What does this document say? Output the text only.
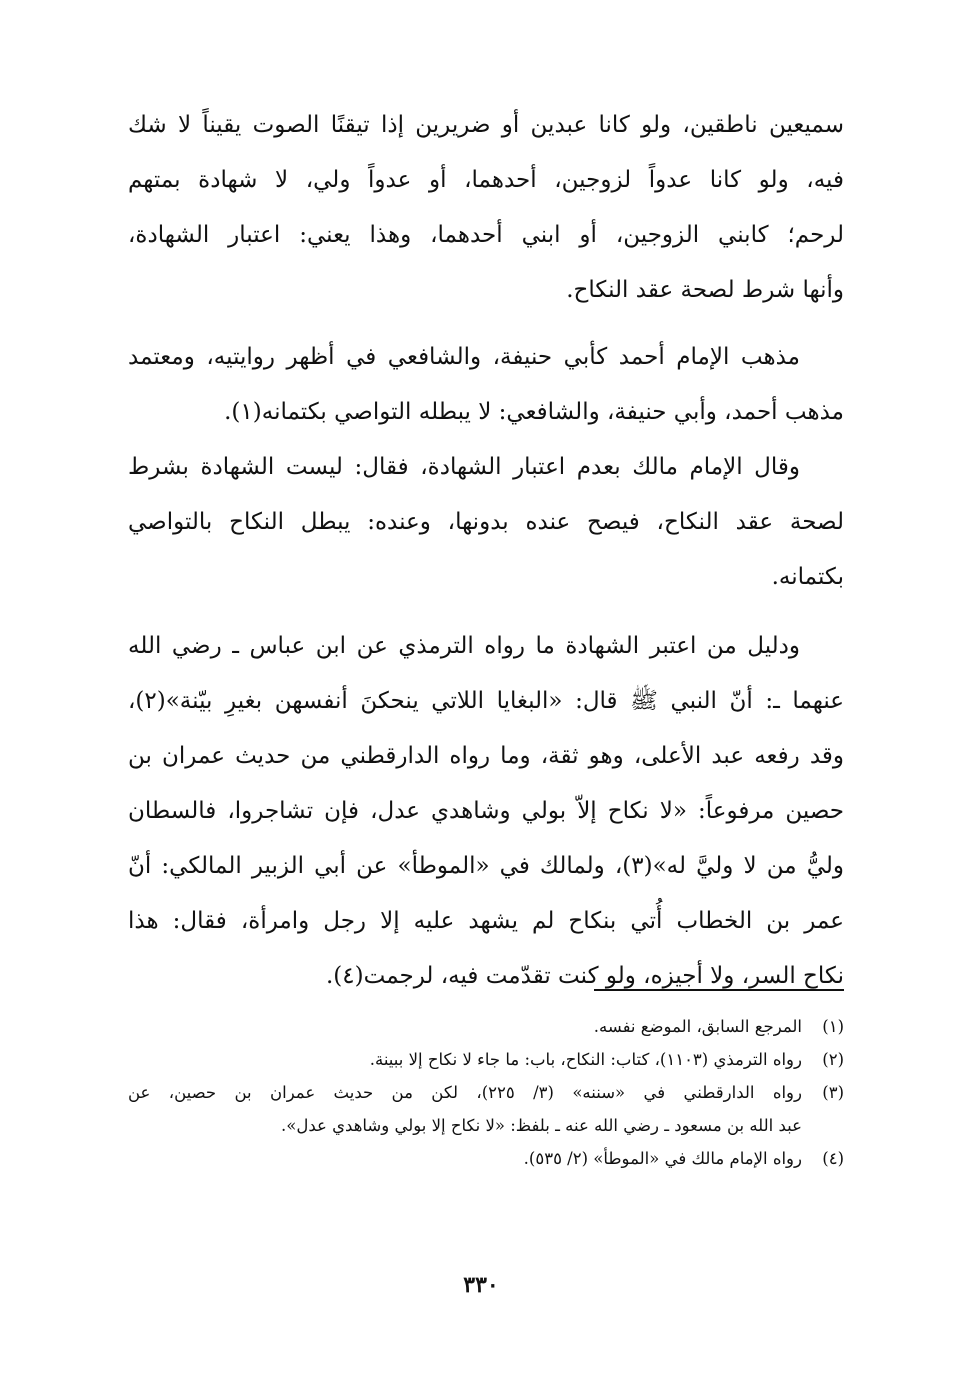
سميعين ناطقين، ولو كانا عبدين أو ضريرين إذا تيقنًا الصوت يقيناً لا شك
فيه، ولو كانا عدواً لزوجين، أحدهما، أو عدواً ولي، لا شهادة بمتهم
لرحم؛ كابني الزوجين، أو ابني أحدهما، وهذا يعني: اعتبار الشهادة،
وأنها شرط لصحة عقد النكاح.
مذهب الإمام أحمد كأبي حنيفة، والشافعي في أظهر روايتيه، ومعتمد
مذهب أحمد، وأبي حنيفة، والشافعي: لا يبطله التواصي بكتمانه(١).
وقال الإمام مالك بعدم اعتبار الشهادة، فقال: ليست الشهادة بشرط
لصحة عقد النكاح، فيصح عنده بدونها، وعنده: يبطل النكاح بالتواصي
بكتمانه.
ودليل من اعتبر الشهادة ما رواه الترمذي عن ابن عباس ـ رضي الله
عنهما ـ: أنّ النبي ﷺ قال: «البغايا اللاتي ينحكنَ أنفسهن بغيرِ بيّنة»(٢)،
وقد رفعه عبد الأعلى، وهو ثقة، وما رواه الدارقطني من حديث عمران بن
حصين مرفوعاً: «لا نكاح إلاّ بولي وشاهدي عدل، فإن تشاجروا، فالسطان
وليُّ من لا وليَّ له»(٣)، ولمالك في «الموطأ» عن أبي الزبير المالكي: أنّ
عمر بن الخطاب أُتي بنكاح لم يشهد عليه إلا رجل وامرأة، فقال: هذا
نكاح السر، ولا أجيزه، ولو كنت تقدّمت فيه، لرجمت(٤).
(١)
المرجع السابق، الموضع نفسه.
(٢)
رواه الترمذي (١١٠٣)، كتاب: النكاح، باب: ما جاء لا نكاح إلا ببينة.
(٣)
رواه الدارقطني في «سننه» (٣/ ٢٢٥)، لكن من حديث عمران بن حصين، عن
عبد الله بن مسعود ـ رضي الله عنه ـ بلفظ: «لا نكاح إلا بولي وشاهدي عدل».
(٤)
رواه الإمام مالك في «الموطأ» (٢/ ٥٣٥).
٣٣٠
